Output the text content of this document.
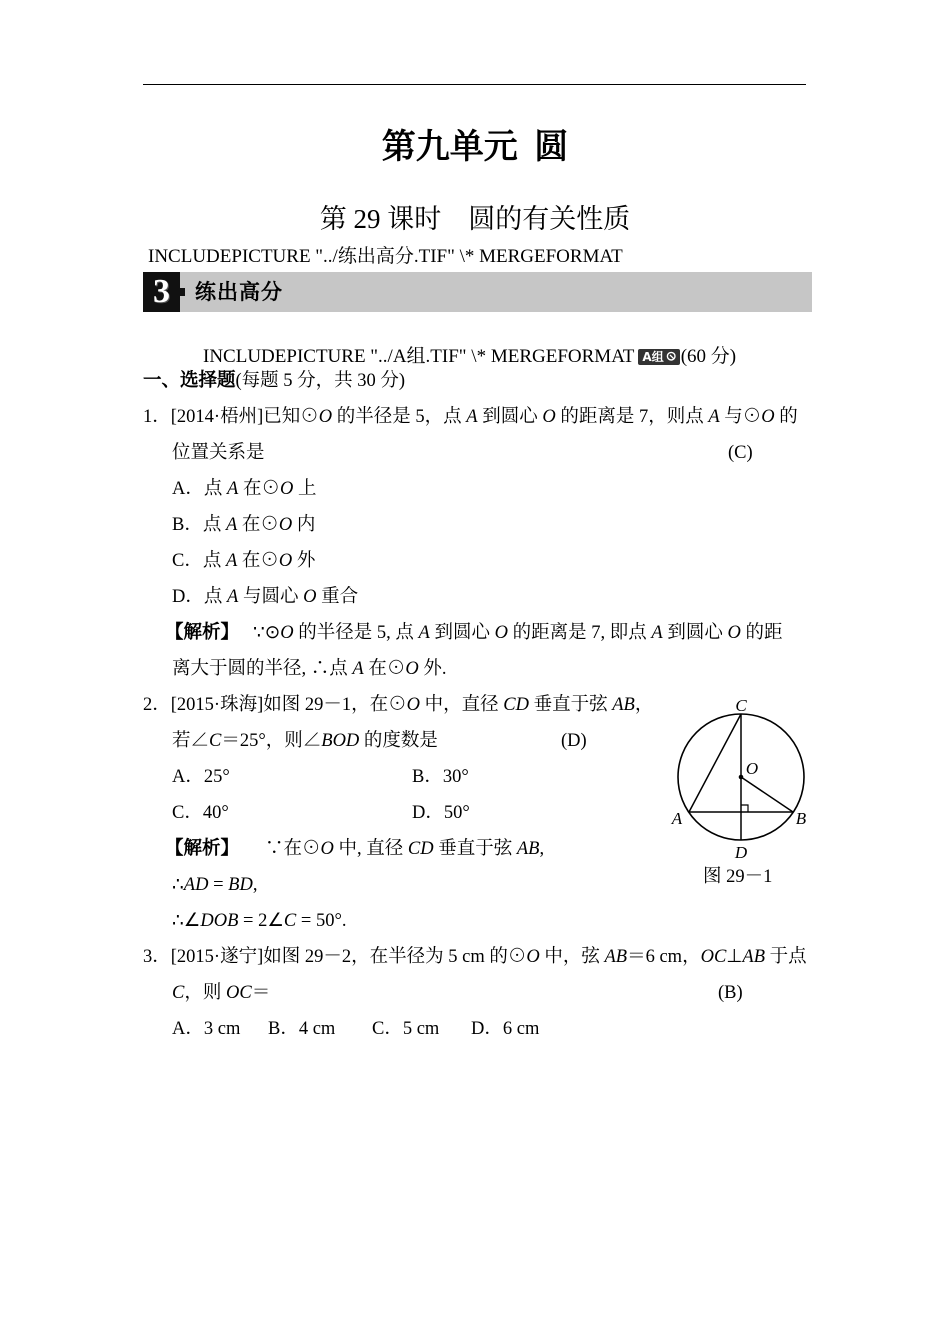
第九单元 圆
第 29 课时　圆的有关性质
INCLUDEPICTURE "../练出高分.TIF" \* MERGEFORMAT
3	练出高分
INCLUDEPICTURE "../A组.TIF" \* MERGEFORMAT A组 (60 分)
一、选择题(每题 5 分，共 30 分)
1．[2014·梧州]已知⊙O 的半径是 5，点 A 到圆心 O 的距离是 7，则点 A 与⊙O 的
位置关系是	(C)
A．点 A 在⊙O 上
B．点 A 在⊙O 内
C．点 A 在⊙O 外
D．点 A 与圆心 O 重合
【解析】 ∵⊙O 的半径是 5, 点 A 到圆心 O 的距离是 7, 即点 A 到圆心 O 的距
离大于圆的半径, ∴点 A 在⊙O 外.
2．[2015·珠海]如图 29－1，在⊙O 中，直径 CD 垂直于弦 AB，
若∠C＝25°，则∠BOD 的度数是	(D)
A．25°	B．30°
C．40°	D．50°
【解析】 ∵在⊙O 中, 直径 CD 垂直于弦 AB,
∴AD = BD,
∴∠DOB = 2∠C = 50°.
3．[2015·遂宁]如图 29－2，在半径为 5 cm 的⊙O 中，弦 AB＝6 cm，OC⊥AB 于点
C，则 OC＝	(B)
A．3 cm B．4 cm C．5 cm D．6 cm
C
O
A	B
D
图 29－1
